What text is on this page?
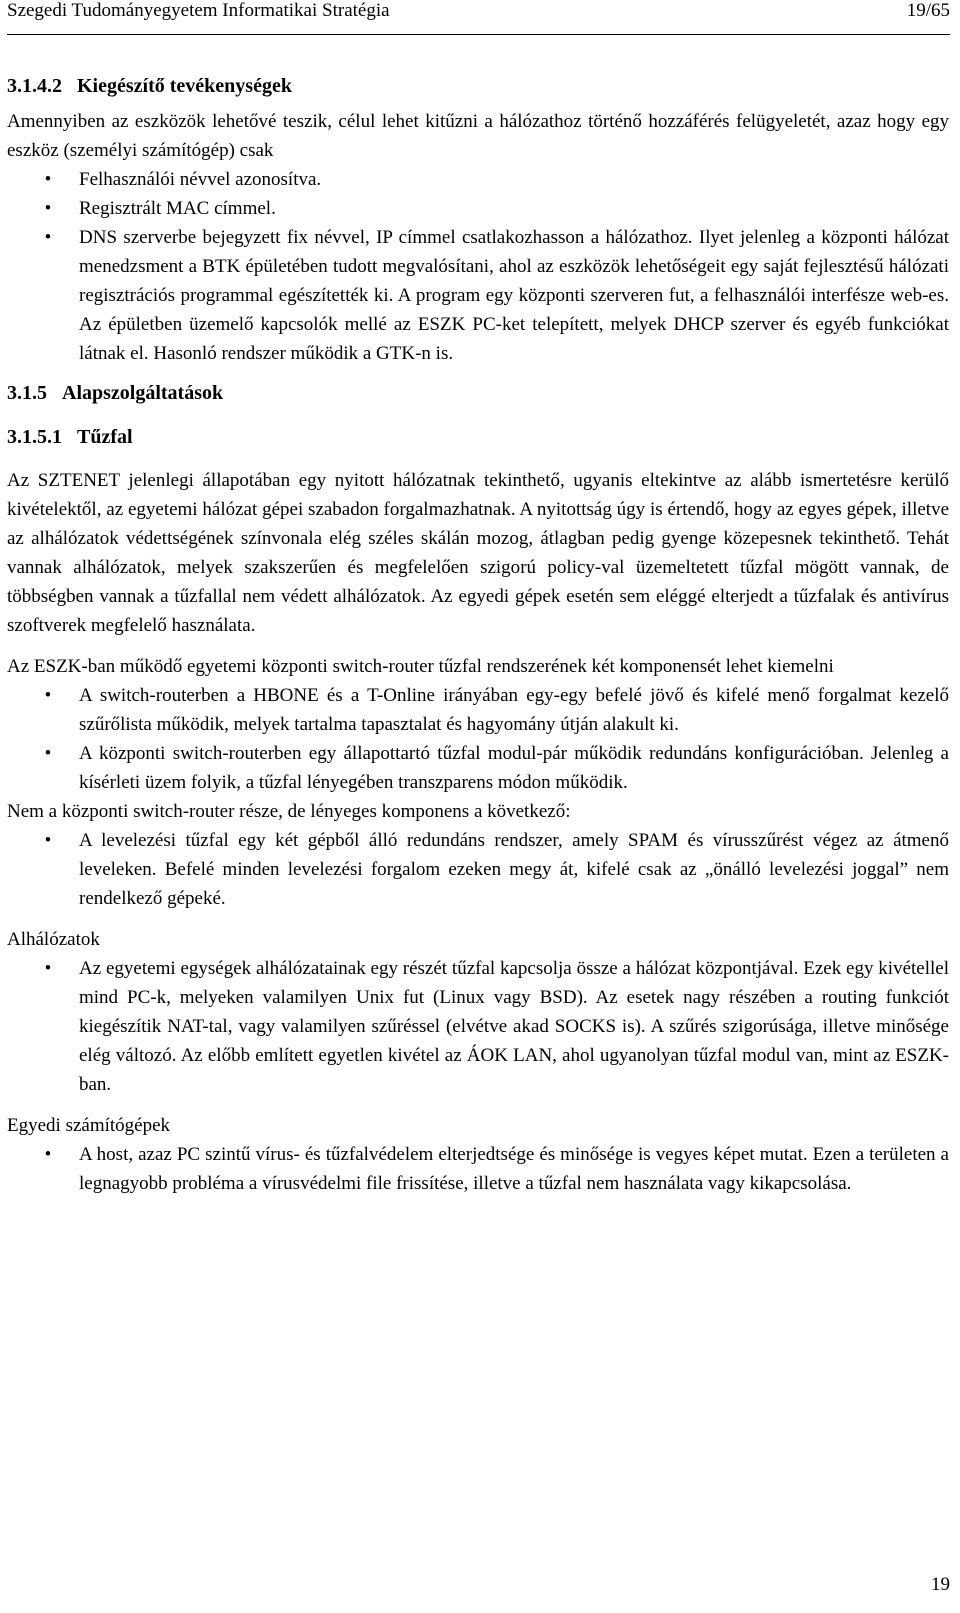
Szegedi Tudományegyetem Informatikai Stratégia	19/65
3.1.4.2 Kiegészítő tevékenységek

Amennyiben az eszközök lehetővé teszik, célul lehet kitűzni a hálózathoz történő hozzáférés felügyeletét, azaz hogy egy eszköz (személyi számítógép) csak

• Felhasználói névvel azonosítva.
• Regisztrált MAC címmel.
• DNS szerverbe bejegyzett fix névvel, IP címmel csatlakozhasson a hálózathoz. Ilyet jelenleg a központi hálózat menedzsment a BTK épületében tudott megvalósítani, ahol az eszközök lehetőségeit egy saját fejlesztésű hálózati regisztrációs programmal egészítették ki. A program egy központi szerveren fut, a felhasználói interfésze web-es. Az épületben üzemelő kapcsolók mellé az ESZK PC-ket telepített, melyek DHCP szerver és egyéb funkciókat látnak el. Hasonló rendszer működik a GTK-n is.
3.1.5 Alapszolgáltatások
3.1.5.1 Tűzfal

Az SZTENET jelenlegi állapotában egy nyitott hálózatnak tekinthető, ugyanis eltekintve az alább ismertetésre kerülő kivételektől, az egyetemi hálózat gépei szabadon forgalmazhatnak. A nyitottság úgy is értendő, hogy az egyes gépek, illetve az alhálózatok védettségének színvonala elég széles skálán mozog, átlagban pedig gyenge közepesnek tekinthető. Tehát vannak alhálózatok, melyek szakszerűen és megfelelően szigorú policy-val üzemeltetett tűzfal mögött vannak, de többségben vannak a tűzfallal nem védett alhálózatok. Az egyedi gépek esetén sem eléggé elterjedt a tűzfalak és antivírus szoftverek megfelelő használata.

Az ESZK-ban működő egyetemi központi switch-router tűzfal rendszerének két komponensét lehet kiemelni

• A switch-routerben a HBONE és a T-Online irányában egy-egy befelé jövő és kifelé menő forgalmat kezelő szűrőlista működik, melyek tartalma tapasztalat és hagyomány útján alakult ki.
• A központi switch-routerben egy állapottartó tűzfal modul-pár működik redundáns konfigurációban. Jelenleg a kísérleti üzem folyik, a tűzfal lényegében transzparens módon működik.

Nem a központi switch-router része, de lényeges komponens a következő:

• A levelezési tűzfal egy két gépből álló redundáns rendszer, amely SPAM és vírusszűrést végez az átmenő leveleken. Befelé minden levelezési forgalom ezeken megy át, kifelé csak az „önálló levelezési joggal” nem rendelkező gépeké.

Alhálózatok

• Az egyetemi egységek alhálózatainak egy részét tűzfal kapcsolja össze a hálózat központjával. Ezek egy kivétellel mind PC-k, melyeken valamilyen Unix fut (Linux vagy BSD). Az esetek nagy részében a routing funkciót kiegészítik NAT-tal, vagy valamilyen szűréssel (elvétve akad SOCKS is). A szűrés szigorúsága, illetve minősége elég változó. Az előbb említett egyetlen kivétel az ÁOK LAN, ahol ugyanolyan tűzfal modul van, mint az ESZK-ban.

Egyedi számítógépek

• A host, azaz PC szintű vírus- és tűzfalvédelem elterjedtsége és minősége is vegyes képet mutat. Ezen a területen a legnagyobb probléma a vírusvédelmi file frissítése, illetve a tűzfal nem használata vagy kikapcsolása.
19
